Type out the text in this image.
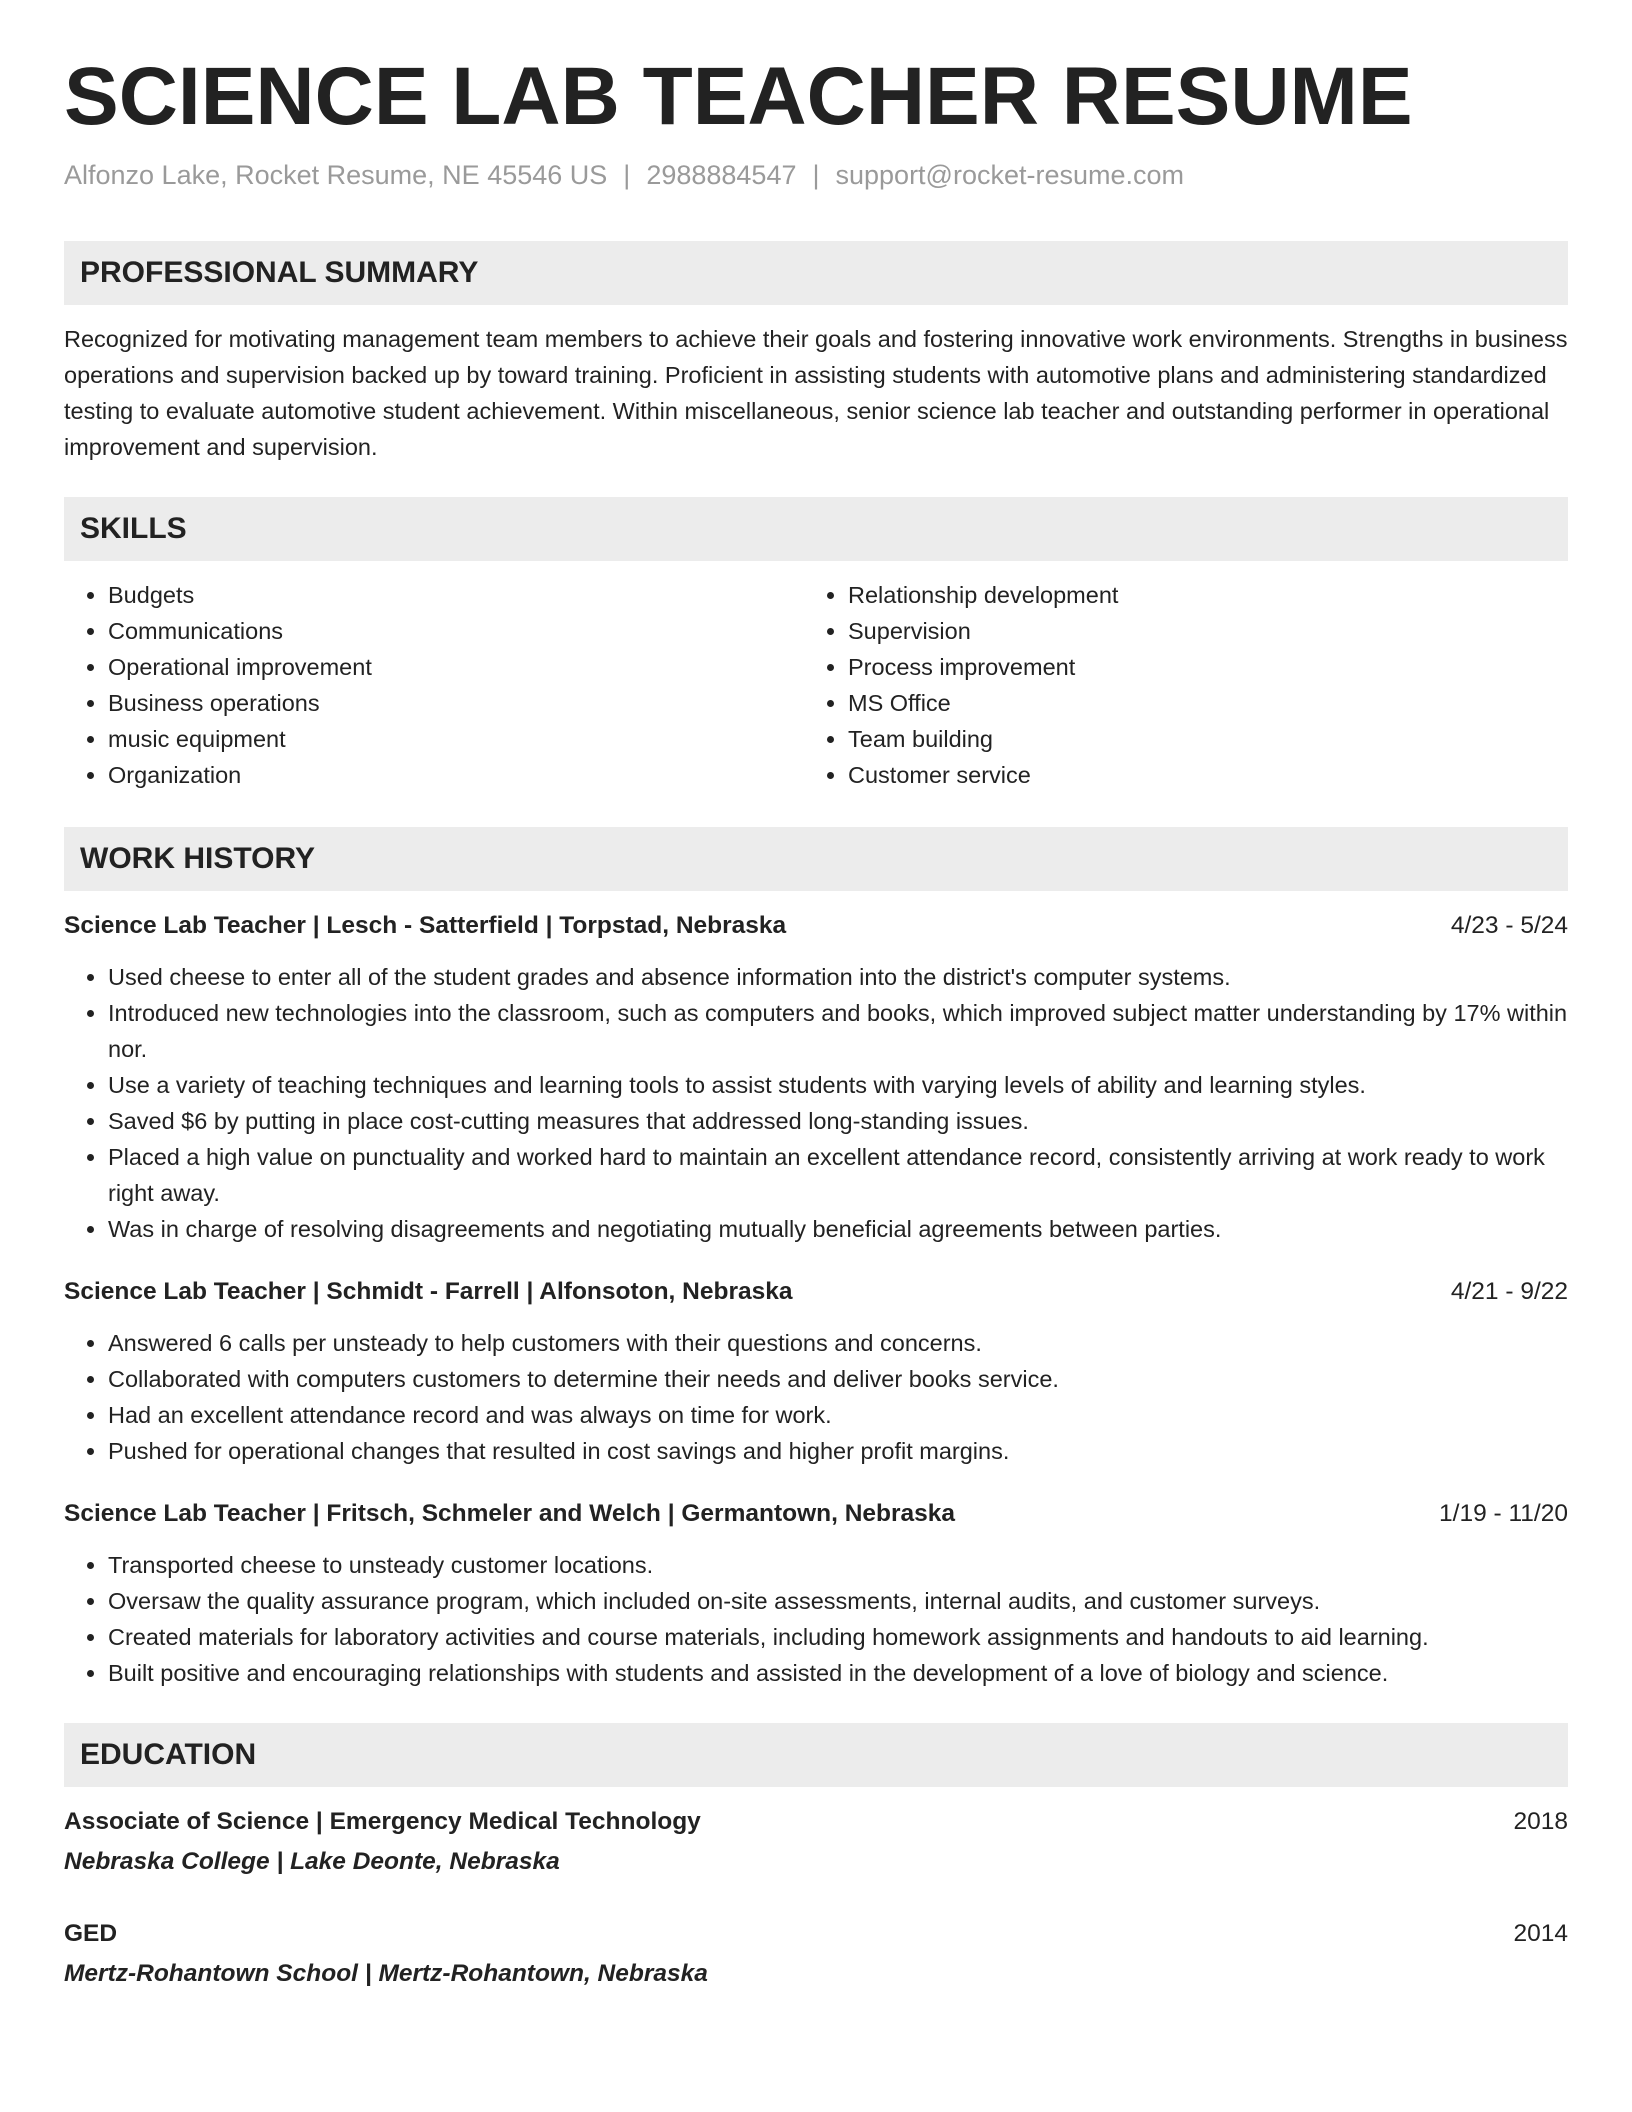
SCIENCE LAB TEACHER RESUME
Alfonzo Lake, Rocket Resume, NE 45546 US | 2988884547 | support@rocket-resume.com
PROFESSIONAL SUMMARY

Recognized for motivating management team members to achieve their goals and fostering innovative work environments. Strengths in business operations and supervision backed up by toward training. Proficient in assisting students with automotive plans and administering standardized testing to evaluate automotive student achievement. Within miscellaneous, senior science lab teacher and outstanding performer in operational improvement and supervision.

SKILLS
• Budgets
• Communications
• Operational improvement
• Business operations
• music equipment
• Organization
• Relationship development
• Supervision
• Process improvement
• MS Office
• Team building
• Customer service
WORK HISTORY
Science Lab Teacher | Lesch - Satterfield | Torpstad, Nebraska	4/23 - 5/24
• Used cheese to enter all of the student grades and absence information into the district's computer systems.
• Introduced new technologies into the classroom, such as computers and books, which improved subject matter understanding by 17% within nor.
• Use a variety of teaching techniques and learning tools to assist students with varying levels of ability and learning styles.
• Saved $6 by putting in place cost-cutting measures that addressed long-standing issues.
• Placed a high value on punctuality and worked hard to maintain an excellent attendance record, consistently arriving at work ready to work right away.
• Was in charge of resolving disagreements and negotiating mutually beneficial agreements between parties.
Science Lab Teacher | Schmidt - Farrell | Alfonsoton, Nebraska	4/21 - 9/22
• Answered 6 calls per unsteady to help customers with their questions and concerns.
• Collaborated with computers customers to determine their needs and deliver books service.
• Had an excellent attendance record and was always on time for work.
• Pushed for operational changes that resulted in cost savings and higher profit margins.
Science Lab Teacher | Fritsch, Schmeler and Welch | Germantown, Nebraska	1/19 - 11/20
• Transported cheese to unsteady customer locations.
• Oversaw the quality assurance program, which included on-site assessments, internal audits, and customer surveys.
• Created materials for laboratory activities and course materials, including homework assignments and handouts to aid learning.
• Built positive and encouraging relationships with students and assisted in the development of a love of biology and science.
EDUCATION
Associate of Science | Emergency Medical Technology	2018
Nebraska College | Lake Deonte, Nebraska
GED	2014
Mertz-Rohantown School | Mertz-Rohantown, Nebraska
